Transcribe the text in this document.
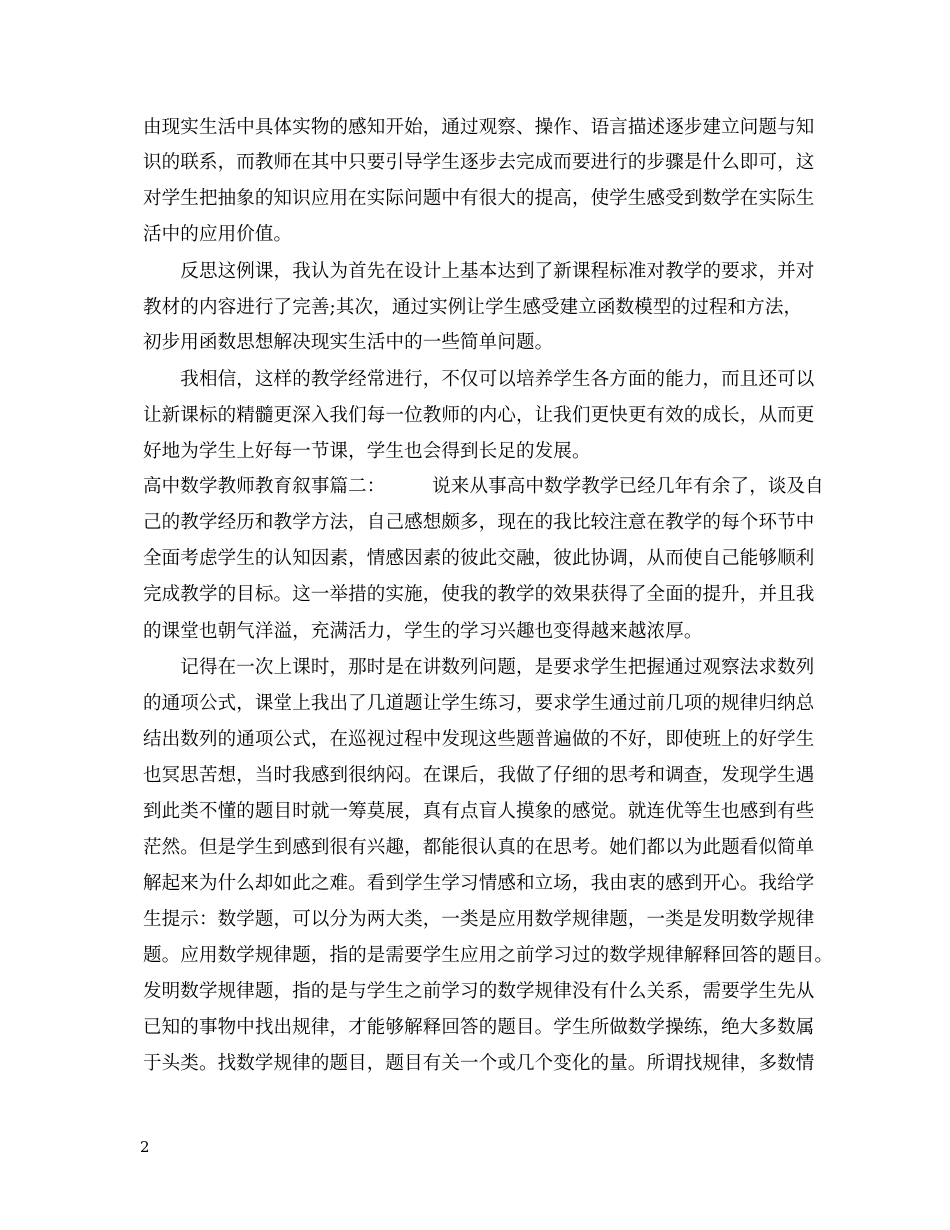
由现实生活中具体实物的感知开始，通过观察、操作、语言描述逐步建立问题与知
识的联系，而教师在其中只要引导学生逐步去完成而要进行的步骤是什么即可，这
对学生把抽象的知识应用在实际问题中有很大的提高，使学生感受到数学在实际生
活中的应用价值。
　　反思这例课，我认为首先在设计上基本达到了新课程标准对教学的要求，并对
教材的内容进行了完善;其次，通过实例让学生感受建立函数模型的过程和方法，
初步用函数思想解决现实生活中的一些简单问题。
　　我相信，这样的教学经常进行，不仅可以培养学生各方面的能力，而且还可以
让新课标的精髓更深入我们每一位教师的内心，让我们更快更有效的成长，从而更
好地为学生上好每一节课，学生也会得到长足的发展。
高中数学教师教育叙事篇二：　　　说来从事高中数学教学已经几年有余了，谈及自
己的教学经历和教学方法，自己感想颇多，现在的我比较注意在教学的每个环节中
全面考虑学生的认知因素，情感因素的彼此交融，彼此协调，从而使自己能够顺利
完成教学的目标。这一举措的实施，使我的教学的效果获得了全面的提升，并且我
的课堂也朝气洋溢，充满活力，学生的学习兴趣也变得越来越浓厚。
　　记得在一次上课时，那时是在讲数列问题，是要求学生把握通过观察法求数列
的通项公式，课堂上我出了几道题让学生练习，要求学生通过前几项的规律归纳总
结出数列的通项公式，在巡视过程中发现这些题普遍做的不好，即使班上的好学生
也冥思苦想，当时我感到很纳闷。在课后，我做了仔细的思考和调查，发现学生遇
到此类不懂的题目时就一筹莫展，真有点盲人摸象的感觉。就连优等生也感到有些
茫然。但是学生到感到很有兴趣，都能很认真的在思考。她们都以为此题看似简单
解起来为什么却如此之难。看到学生学习情感和立场，我由衷的感到开心。我给学
生提示：数学题，可以分为两大类，一类是应用数学规律题，一类是发明数学规律
题。应用数学规律题，指的是需要学生应用之前学习过的数学规律解释回答的题目。
发明数学规律题，指的是与学生之前学习的数学规律没有什么关系，需要学生先从
已知的事物中找出规律，才能够解释回答的题目。学生所做数学操练，绝大多数属
于头类。找数学规律的题目，题目有关一个或几个变化的量。所谓找规律，多数情
2
